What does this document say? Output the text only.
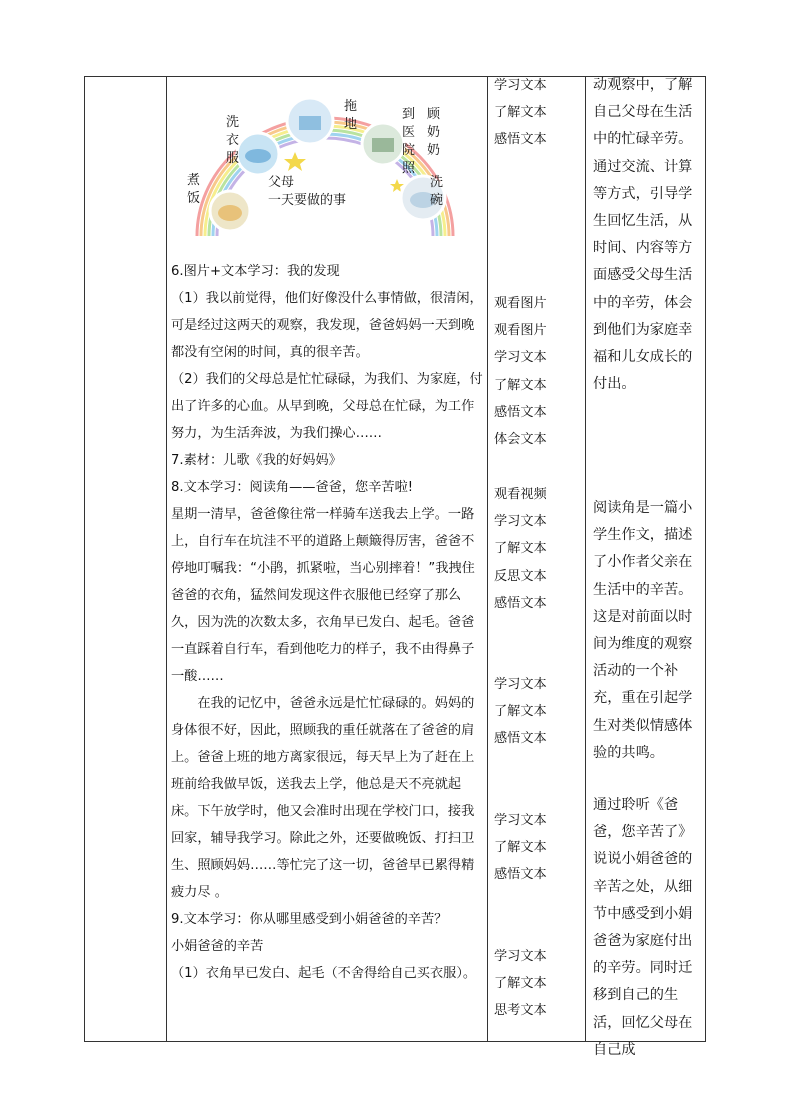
煮
饭
洗
衣
服
拖
地
到
医
院
照
顾
奶
奶
洗
碗
父母
一天要做的事

6.图片+文本学习：我的发现

（1）我以前觉得，他们好像没什么事情做，很清闲，可是经过这两天的观察，我发现，爸爸妈妈一天到晚都没有空闲的时间，真的很辛苦。

（2）我们的父母总是忙忙碌碌，为我们、为家庭，付出了许多的心血。从早到晚，父母总在忙碌，为工作努力，为生活奔波，为我们操心……

7.素材：儿歌《我的好妈妈》

8.文本学习：阅读角——爸爸，您辛苦啦!

星期一清早，爸爸像往常一样骑车送我去上学。一路上，自行车在坑洼不平的道路上颠簸得厉害，爸爸不停地叮嘱我：“小鹃，抓紧啦，当心别摔着！”我拽住爸爸的衣角，猛然间发现这件衣服他已经穿了那么久，因为洗的次数太多，衣角早已发白、起毛。爸爸一直踩着自行车，看到他吃力的样子，我不由得鼻子一酸……

在我的记忆中，爸爸永远是忙忙碌碌的。妈妈的身体很不好，因此，照顾我的重任就落在了爸爸的肩上。爸爸上班的地方离家很远，每天早上为了赶在上班前给我做早饭，送我去上学，他总是天不亮就起床。下午放学时，他又会准时出现在学校门口，接我回家，辅导我学习。除此之外，还要做晚饭、打扫卫生、照顾妈妈……等忙完了这一切，爸爸早已累得精疲力尽 。

9.文本学习：你从哪里感受到小娟爸爸的辛苦？

小娟爸爸的辛苦

（1）衣角早已发白、起毛（不舍得给自己买衣服）。

学习文本
了解文本
感悟文本
观看图片
观看图片
学习文本
了解文本
感悟文本
体会文本
观看视频
学习文本
了解文本
反思文本
感悟文本
学习文本
了解文本
感悟文本
学习文本
了解文本
感悟文本
学习文本
了解文本
思考文本

动观察中，了解自己父母在生活中的忙碌辛劳。通过交流、计算等方式，引导学生回忆生活，从时间、内容等方面感受父母生活中的辛劳，体会到他们为家庭幸福和儿女成长的付出。

阅读角是一篇小学生作文，描述了小作者父亲在生活中的辛苦。这是对前面以时间为维度的观察活动的一个补充，重在引起学生对类似情感体验的共鸣。

通过聆听《爸爸，您辛苦了》说说小娟爸爸的辛苦之处，从细节中感受到小娟爸爸为家庭付出的辛劳。同时迁移到自己的生活，回忆父母在自己成
